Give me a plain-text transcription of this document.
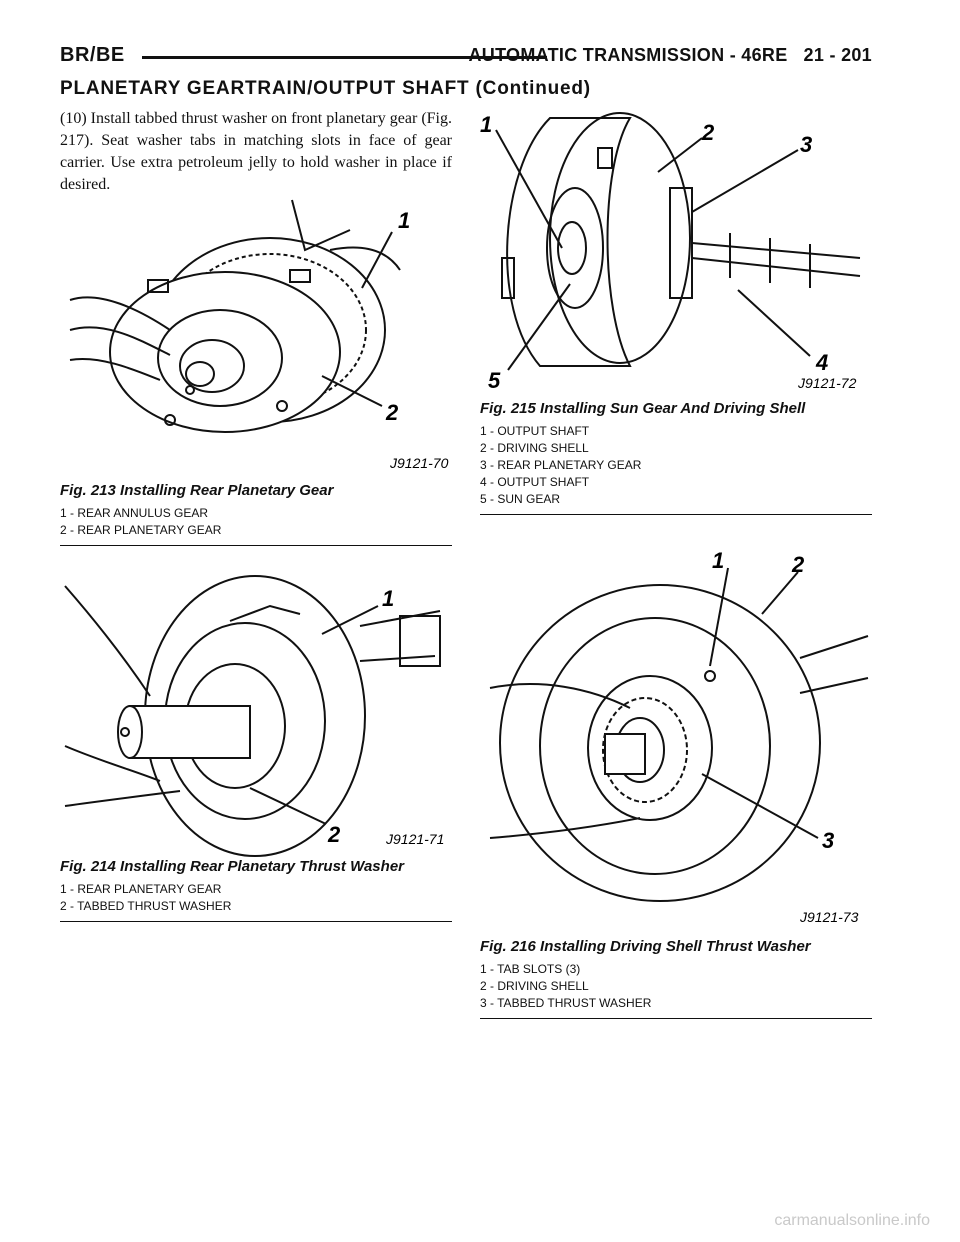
BR/BE	AUTOMATIC TRANSMISSION - 46RE 21 - 201
PLANETARY GEARTRAIN/OUTPUT SHAFT (Continued)
(10) Install tabbed thrust washer on front planetary gear (Fig. 217). Seat washer tabs in matching slots in face of gear carrier. Use extra petroleum jelly to hold washer in place if desired.
1
2
J9121-70

Fig. 213 Installing Rear Planetary Gear

1 - REAR ANNULUS GEAR
2 - REAR PLANETARY GEAR
1
2	J9121-71

Fig. 214 Installing Rear Planetary Thrust Washer

1 - REAR PLANETARY GEAR
2 - TABBED THRUST WASHER
1	2	3
4
5	J9121-72

Fig. 215 Installing Sun Gear And Driving Shell

1 - OUTPUT SHAFT
2 - DRIVING SHELL
3 - REAR PLANETARY GEAR
4 - OUTPUT SHAFT
5 - SUN GEAR
1	2
3
J9121-73

Fig. 216 Installing Driving Shell Thrust Washer

1 - TAB SLOTS (3)
2 - DRIVING SHELL
3 - TABBED THRUST WASHER
carmanualsonline.info
